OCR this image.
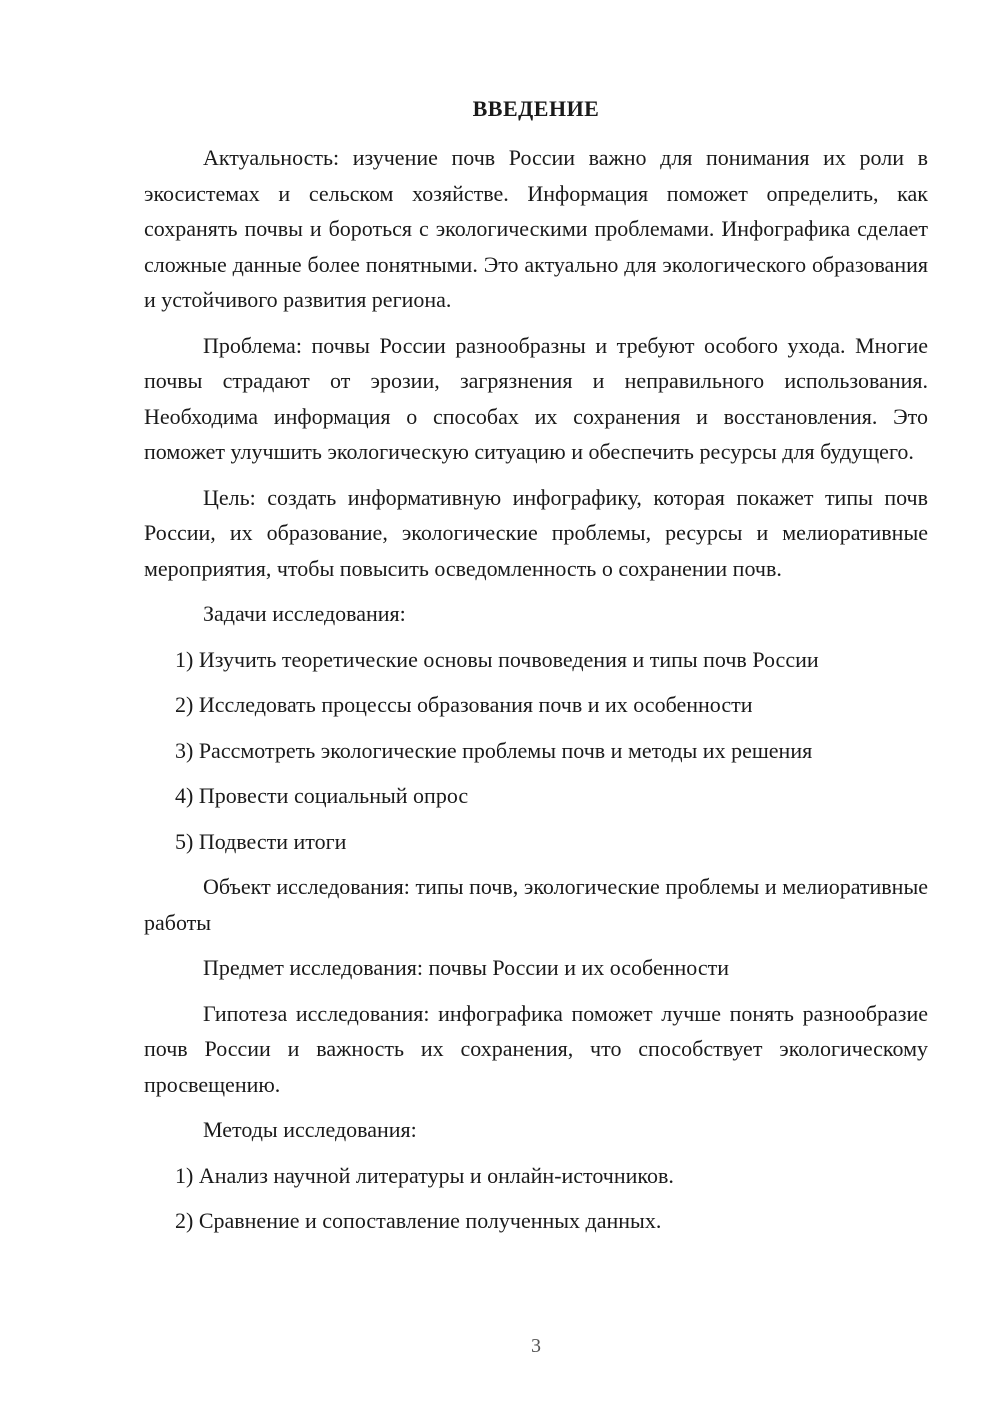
ВВЕДЕНИЕ

Актуальность: изучение почв России важно для понимания их роли в экосистемах и сельском хозяйстве. Информация поможет определить, как сохранять почвы и бороться с экологическими проблемами. Инфографика сделает сложные данные более понятными. Это актуально для экологического образования и устойчивого развития региона.

Проблема: почвы России разнообразны и требуют особого ухода. Многие почвы страдают от эрозии, загрязнения и неправильного использования. Необходима информация о способах их сохранения и восстановления. Это поможет улучшить экологическую ситуацию и обеспечить ресурсы для будущего.

Цель: создать информативную инфографику, которая покажет типы почв России, их образование, экологические проблемы, ресурсы и мелиоративные мероприятия, чтобы повысить осведомленность о сохранении почв.

Задачи исследования:

1) Изучить теоретические основы почвоведения и типы почв России
2) Исследовать процессы образования почв и их особенности
3) Рассмотреть экологические проблемы почв и методы их решения
4) Провести социальный опрос
5) Подвести итоги

Объект исследования: типы почв, экологические проблемы и мелиоративные работы

Предмет исследования: почвы России и их особенности

Гипотеза исследования: инфографика поможет лучше понять разнообразие почв России и важность их сохранения, что способствует экологическому просвещению.

Методы исследования:

1) Анализ научной литературы и онлайн-источников.
2) Сравнение и сопоставление полученных данных.
3
